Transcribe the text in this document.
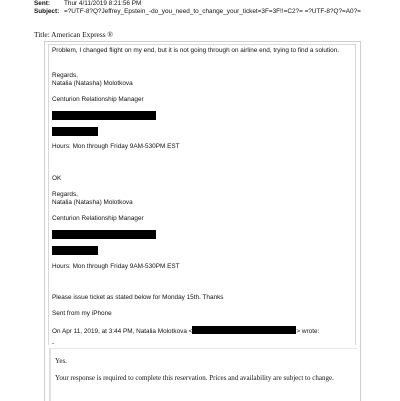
Sent:	Thur 4/11/2019 8:21:56 PM
Subject: =?UTF-8?Q?Jeffrey_Epstein_-do_you_need_to_change_your_ticket=3F=3F!!=C2?= =?UTF-8?Q?=A0?=
Title: American Express ®
Problem, I changed flight on my end, but it is not going through on airline end, trying to find a solution.
Regards,
Natalia (Natasha) Molotkova
Centurion Relationship Manager
Hours: Mon through Friday 9AM-530PM EST
OK
Regards,
Natalia (Natasha) Molotkova
Centurion Relationship Manager
Hours: Mon through Friday 9AM-530PM EST
Please issue ticket as stated below for Monday 15th. Thanks
Sent from my iPhone
On Apr 11, 2019, at 3:44 PM, Natalia Molotkova <	> wrote:
-
Yes.
Your response is required to complete this reservation. Prices and availability are subject to change.
